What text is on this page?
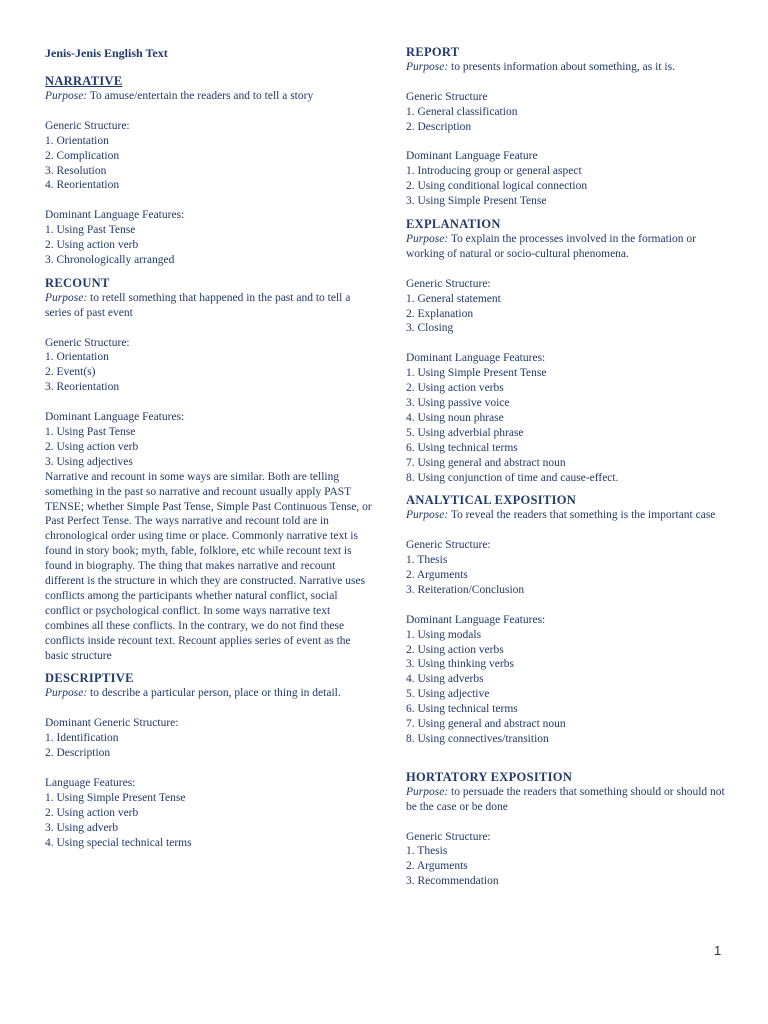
Jenis-Jenis English Text
NARRATIVE
Purpose: To amuse/entertain the readers and to tell a story
Generic Structure:
1. Orientation
2. Complication
3. Resolution
4. Reorientation
Dominant Language Features:
1. Using Past Tense
2. Using action verb
3. Chronologically arranged
RECOUNT
Purpose: to retell something that happened in the past and to tell a series of past event
Generic Structure:
1. Orientation
2. Event(s)
3. Reorientation
Dominant Language Features:
1. Using Past Tense
2. Using action verb
3. Using adjectives
Narrative and recount in some ways are similar. Both are telling something in the past so narrative and recount usually apply PAST TENSE; whether Simple Past Tense, Simple Past Continuous Tense, or Past Perfect Tense. The ways narrative and recount told are in chronological order using time or place. Commonly narrative text is found in story book; myth, fable, folklore, etc while recount text is found in biography. The thing that makes narrative and recount different is the structure in which they are constructed. Narrative uses conflicts among the participants whether natural conflict, social conflict or psychological conflict. In some ways narrative text combines all these conflicts. In the contrary, we do not find these conflicts inside recount text. Recount applies series of event as the basic structure
DESCRIPTIVE
Purpose: to describe a particular person, place or thing in detail.
Dominant Generic Structure:
1. Identification
2. Description
Language Features:
1. Using Simple Present Tense
2. Using action verb
3. Using adverb
4. Using special technical terms
REPORT
Purpose: to presents information about something, as it is.
Generic Structure
1. General classification
2. Description
Dominant Language Feature
1. Introducing group or general aspect
2. Using conditional logical connection
3. Using Simple Present Tense
EXPLANATION
Purpose: To explain the processes involved in the formation or working of natural or socio-cultural phenomena.
Generic Structure:
1. General statement
2. Explanation
3. Closing
Dominant Language Features:
1. Using Simple Present Tense
2. Using action verbs
3. Using passive voice
4. Using noun phrase
5. Using adverbial phrase
6. Using technical terms
7. Using general and abstract noun
8. Using conjunction of time and cause-effect.
ANALYTICAL EXPOSITION
Purpose: To reveal the readers that something is the important case
Generic Structure:
1. Thesis
2. Arguments
3. Reiteration/Conclusion
Dominant Language Features:
1. Using modals
2. Using action verbs
3. Using thinking verbs
4. Using adverbs
5. Using adjective
6. Using technical terms
7. Using general and abstract noun
8. Using connectives/transition
HORTATORY EXPOSITION
Purpose: to persuade the readers that something should or should not be the case or be done
Generic Structure:
1. Thesis
2. Arguments
3. Recommendation
1
